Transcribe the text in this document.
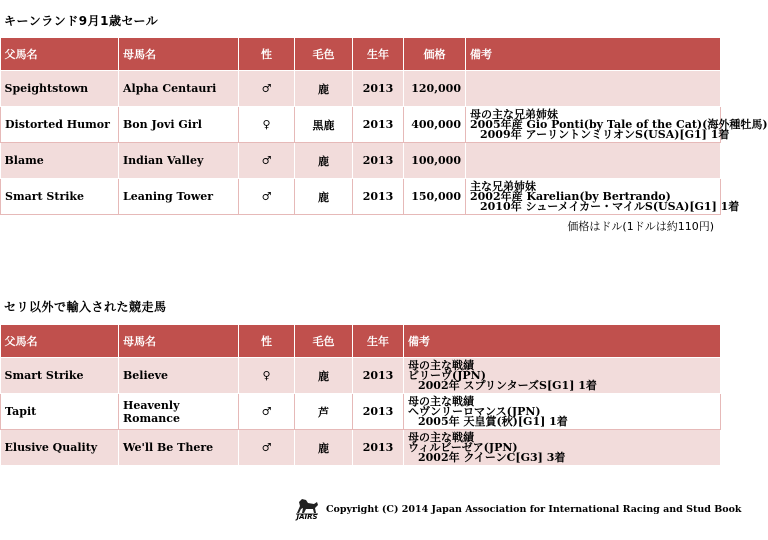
キーンランド9月1歳セール
父馬名	母馬名	性	毛色	生年	価格	備考
Speightstown	Alpha Centauri	♂	鹿	2013	120,000	
Distorted Humor	Bon Jovi Girl	♀	黒鹿	2013	400,000	母の主な兄弟姉妹
2005年産 Gio Ponti(by Tale of the Cat)(海外種牡馬)
2009年 アーリントンミリオンS(USA)[G1] 1着

Blame	Indian Valley	♂	鹿	2013	100,000	
Smart Strike	Leaning Tower	♂	鹿	2013	150,000	主な兄弟姉妹
2002年産 Karelian(by Bertrando)
2010年 シューメイカー・マイルS(USA)[G1] 1着
価格はドル(1ドルは約110円)
セリ以外で輸入された競走馬
父馬名	母馬名	性	毛色	生年	備考
Smart Strike	Believe	♀	鹿	2013	母の主な戦績
ビリーヴ(JPN)
2002年 スプリンターズS[G1] 1着

Tapit	Heavenly Romance	♂	芦	2013	母の主な戦績
ヘヴンリーロマンス(JPN)
2005年 天皇賞(秋)[G1] 1着

Elusive Quality	We'll Be There	♂	鹿	2013	母の主な戦績
ウィルビーゼア(JPN)
2002年 クイーンC[G3] 3着
JAIRS
Copyright (C) 2014 Japan Association for International Racing and Stud Book
